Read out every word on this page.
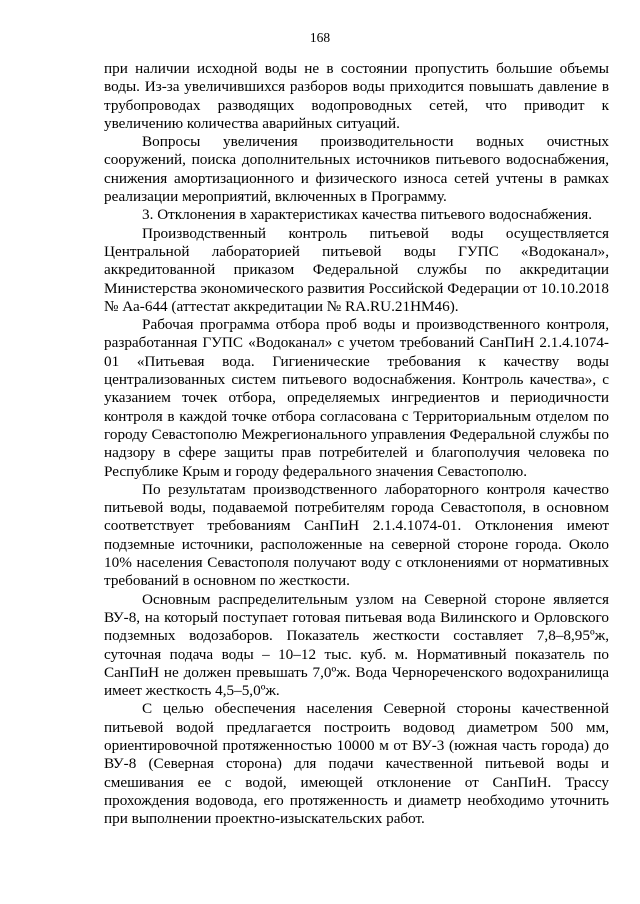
168

при наличии исходной воды не в состоянии пропустить большие объемы воды. Из-за увеличившихся разборов воды приходится повышать давление в трубопроводах разводящих водопроводных сетей, что приводит к увеличению количества аварийных ситуаций.

Вопросы увеличения производительности водных очистных сооружений, поиска дополнительных источников питьевого водоснабжения, снижения амортизационного и физического износа сетей учтены в рамках реализации мероприятий, включенных в Программу.

3. Отклонения в характеристиках качества питьевого водоснабжения.

Производственный контроль питьевой воды осуществляется Центральной лабораторией питьевой воды ГУПС «Водоканал», аккредитованной приказом Федеральной службы по аккредитации Министерства экономического развития Российской Федерации от 10.10.2018 № Аа-644 (аттестат аккредитации № RA.RU.21НМ46).

Рабочая программа отбора проб воды и производственного контроля, разработанная ГУПС «Водоканал» с учетом требований СанПиН 2.1.4.1074-01 «Питьевая вода. Гигиенические требования к качеству воды централизованных систем питьевого водоснабжения. Контроль качества», с указанием точек отбора, определяемых ингредиентов и периодичности контроля в каждой точке отбора согласована с Территориальным отделом по городу Севастополю Межрегионального управления Федеральной службы по надзору в сфере защиты прав потребителей и благополучия человека по Республике Крым и городу федерального значения Севастополю.

По результатам производственного лабораторного контроля качество питьевой воды, подаваемой потребителям города Севастополя, в основном соответствует требованиям СанПиН 2.1.4.1074-01. Отклонения имеют подземные источники, расположенные на северной стороне города. Около 10% населения Севастополя получают воду с отклонениями от нормативных требований в основном по жесткости.

Основным распределительным узлом на Северной стороне является ВУ-8, на который поступает готовая питьевая вода Вилинского и Орловского подземных водозаборов. Показатель жесткости составляет 7,8–8,95ºж, суточная подача воды – 10–12 тыс. куб. м. Нормативный показатель по СанПиН не должен превышать 7,0ºж. Вода Чернореченского водохранилища имеет жесткость 4,5–5,0ºж.

С целью обеспечения населения Северной стороны качественной питьевой водой предлагается построить водовод диаметром 500 мм, ориентировочной протяженностью 10000 м от ВУ-3 (южная часть города) до ВУ-8 (Северная сторона) для подачи качественной питьевой воды и смешивания ее с водой, имеющей отклонение от СанПиН. Трассу прохождения водовода, его протяженность и диаметр необходимо уточнить при выполнении проектно-изыскательских работ.
